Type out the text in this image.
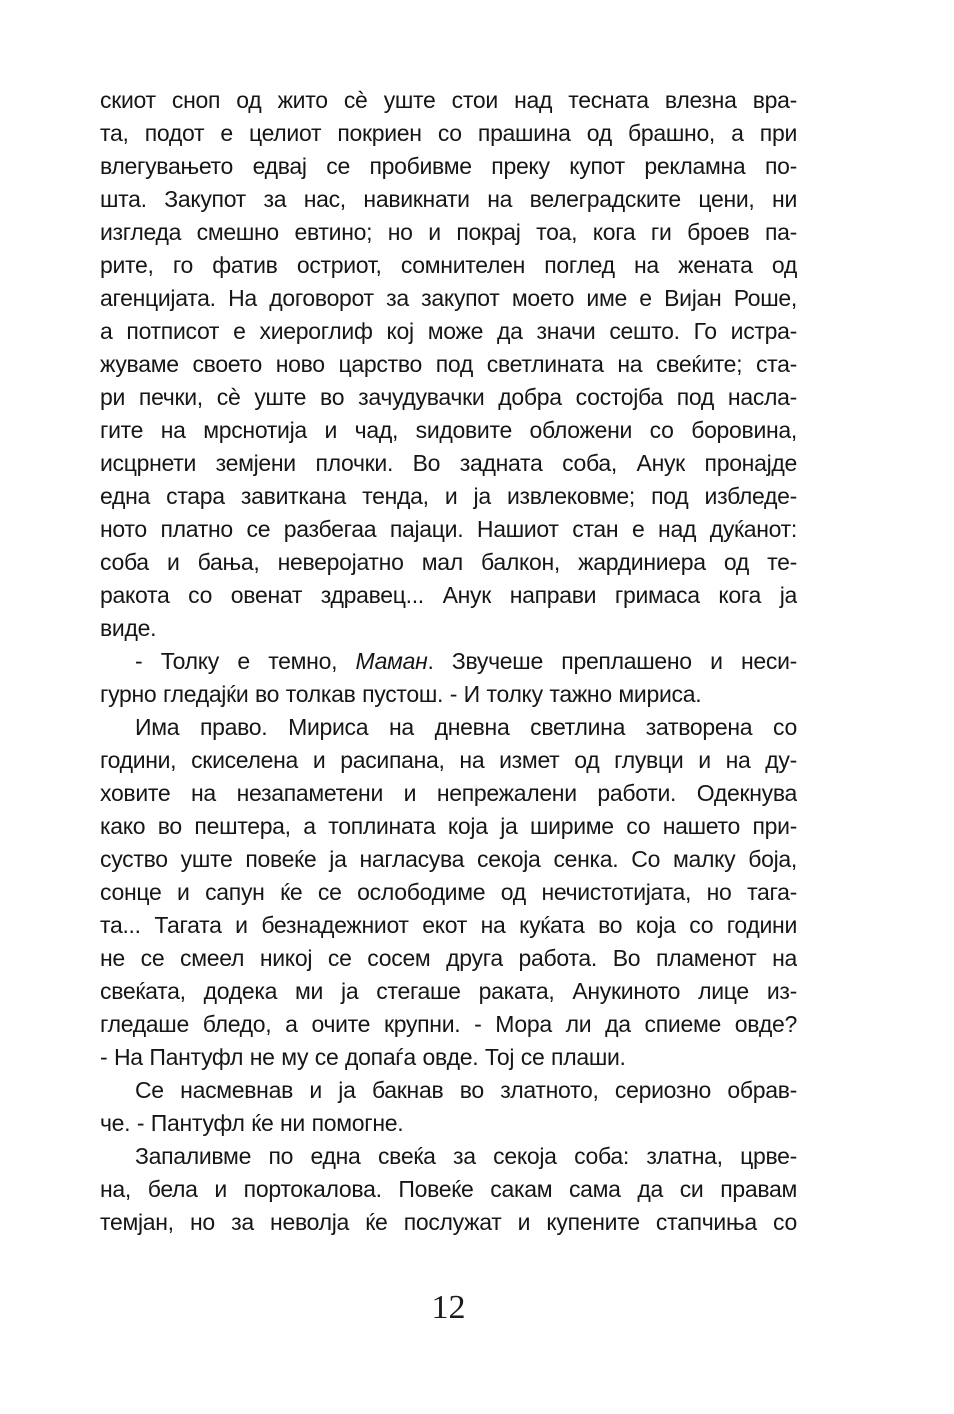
скиот сноп од жито сѐ уште стои над тесната влезна вра-
та, подот е целиот покриен со прашина од брашно, а при
влегувањето едвај се пробивме преку купот рекламна по-
шта. Закупот за нас, навикнати на велеградските цени, ни
изгледа смешно евтино; но и покрај тоа, кога ги броев па-
рите, го фатив остриот, сомнителен поглед на жената од
агенцијата. На договорот за закупот моето име е Вијан Роше,
а потписот е хиероглиф кој може да значи сешто. Го истра-
жуваме своето ново царство под светлината на свеќите; ста-
ри печки, сѐ уште во зачудувачки добра состојба под насла-
гите на мрснотија и чад, ѕидовите обложени со боровина,
исцрнети земјени плочки. Во задната соба, Анук пронајде
една стара завиткана тенда, и ја извлековме; под избледе-
ното платно се разбегаа пајаци. Нашиот стан е над дуќанот:
соба и бања, неверојатно мал балкон, жардиниера од те-
ракота со овенат здравец... Анук направи гримаса кога ја
виде.
- Толку е темно, Маман. Звучеше преплашено и неси-
гурно гледајќи во толкав пустош. - И толку тажно мириса.
Има право. Мириса на дневна светлина затворена со
години, скиселена и расипана, на измет од глувци и на ду-
ховите на незапаметени и непрежалени работи. Одекнува
како во пештера, а топлината која ја шириме со нашето при-
суство уште повеќе ја нагласува секоја сенка. Со малку боја,
сонце и сапун ќе се ослободиме од нечистотијата, но тага-
та... Тагата и безнадежниот екот на куќата во која со години
не се смеел никој се сосем друга работа. Во пламенот на
свеќата, додека ми ја стегаше раката, Анукиното лице из-
гледаше бледо, а очите крупни. - Мора ли да спиеме овде?
- На Пантуфл не му се допаѓа овде. Тој се плаши.
Се насмевнав и ја бакнав во златното, сериозно обрав-
че. - Пантуфл ќе ни помогне.
Запаливме по една свеќа за секоја соба: златна, црве-
на, бела и портокалова. Повеќе сакам сама да си правам
темјан, но за неволја ќе послужат и купените стапчиња со
12
